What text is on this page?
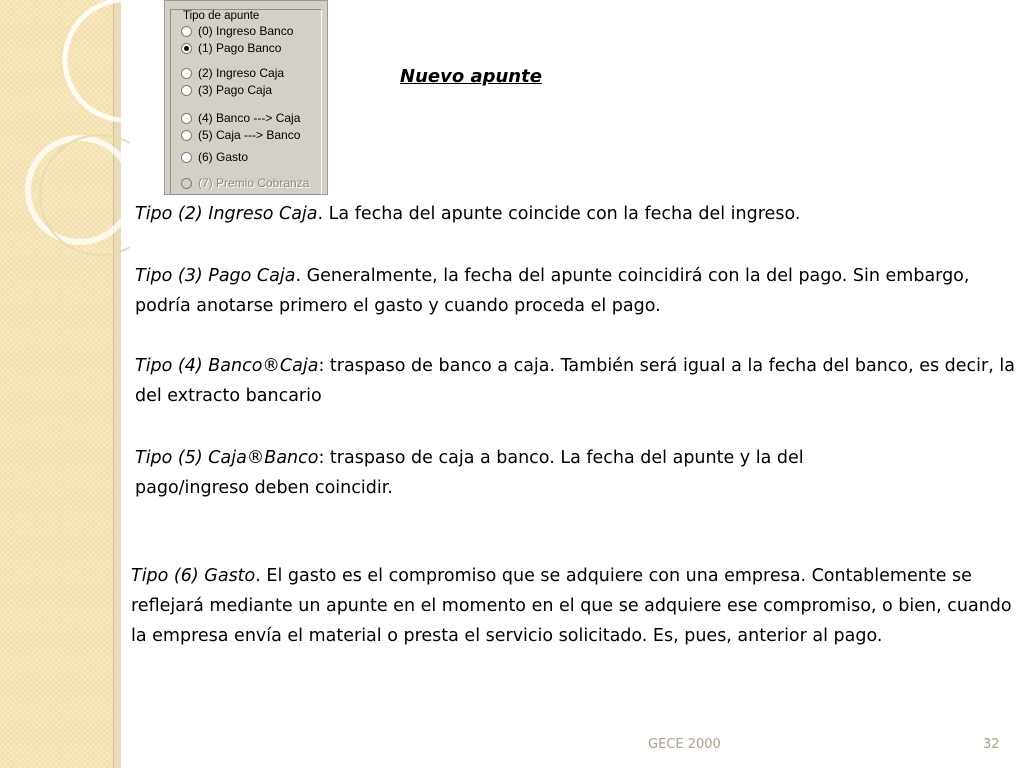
Tipo de apunte
(0) Ingreso Banco
(1) Pago Banco
(2) Ingreso Caja
(3) Pago Caja
(4) Banco ---> Caja
(5) Caja ---> Banco
(6) Gasto
(7) Premio Cobranza
Nuevo apunte

Tipo (2) Ingreso Caja. La fecha del apunte coincide con la fecha del ingreso.

Tipo (3) Pago Caja. Generalmente, la fecha del apunte coincidirá con la del pago. Sin embargo, podría anotarse primero el gasto y cuando proceda el pago.

Tipo (4) Banco®Caja: traspaso de banco a caja. También será igual a la fecha del banco, es decir, la del extracto bancario

Tipo (5) Caja®Banco: traspaso de caja a banco. La fecha del apunte y la del pago/ingreso deben coincidir.

Tipo (6) Gasto. El gasto es el compromiso que se adquiere con una empresa. Contablemente se reflejará mediante un apunte en el momento en el que se adquiere ese compromiso, o bien, cuando la empresa envía el material o presta el servicio solicitado. Es, pues, anterior al pago.

GECE 2000	32
